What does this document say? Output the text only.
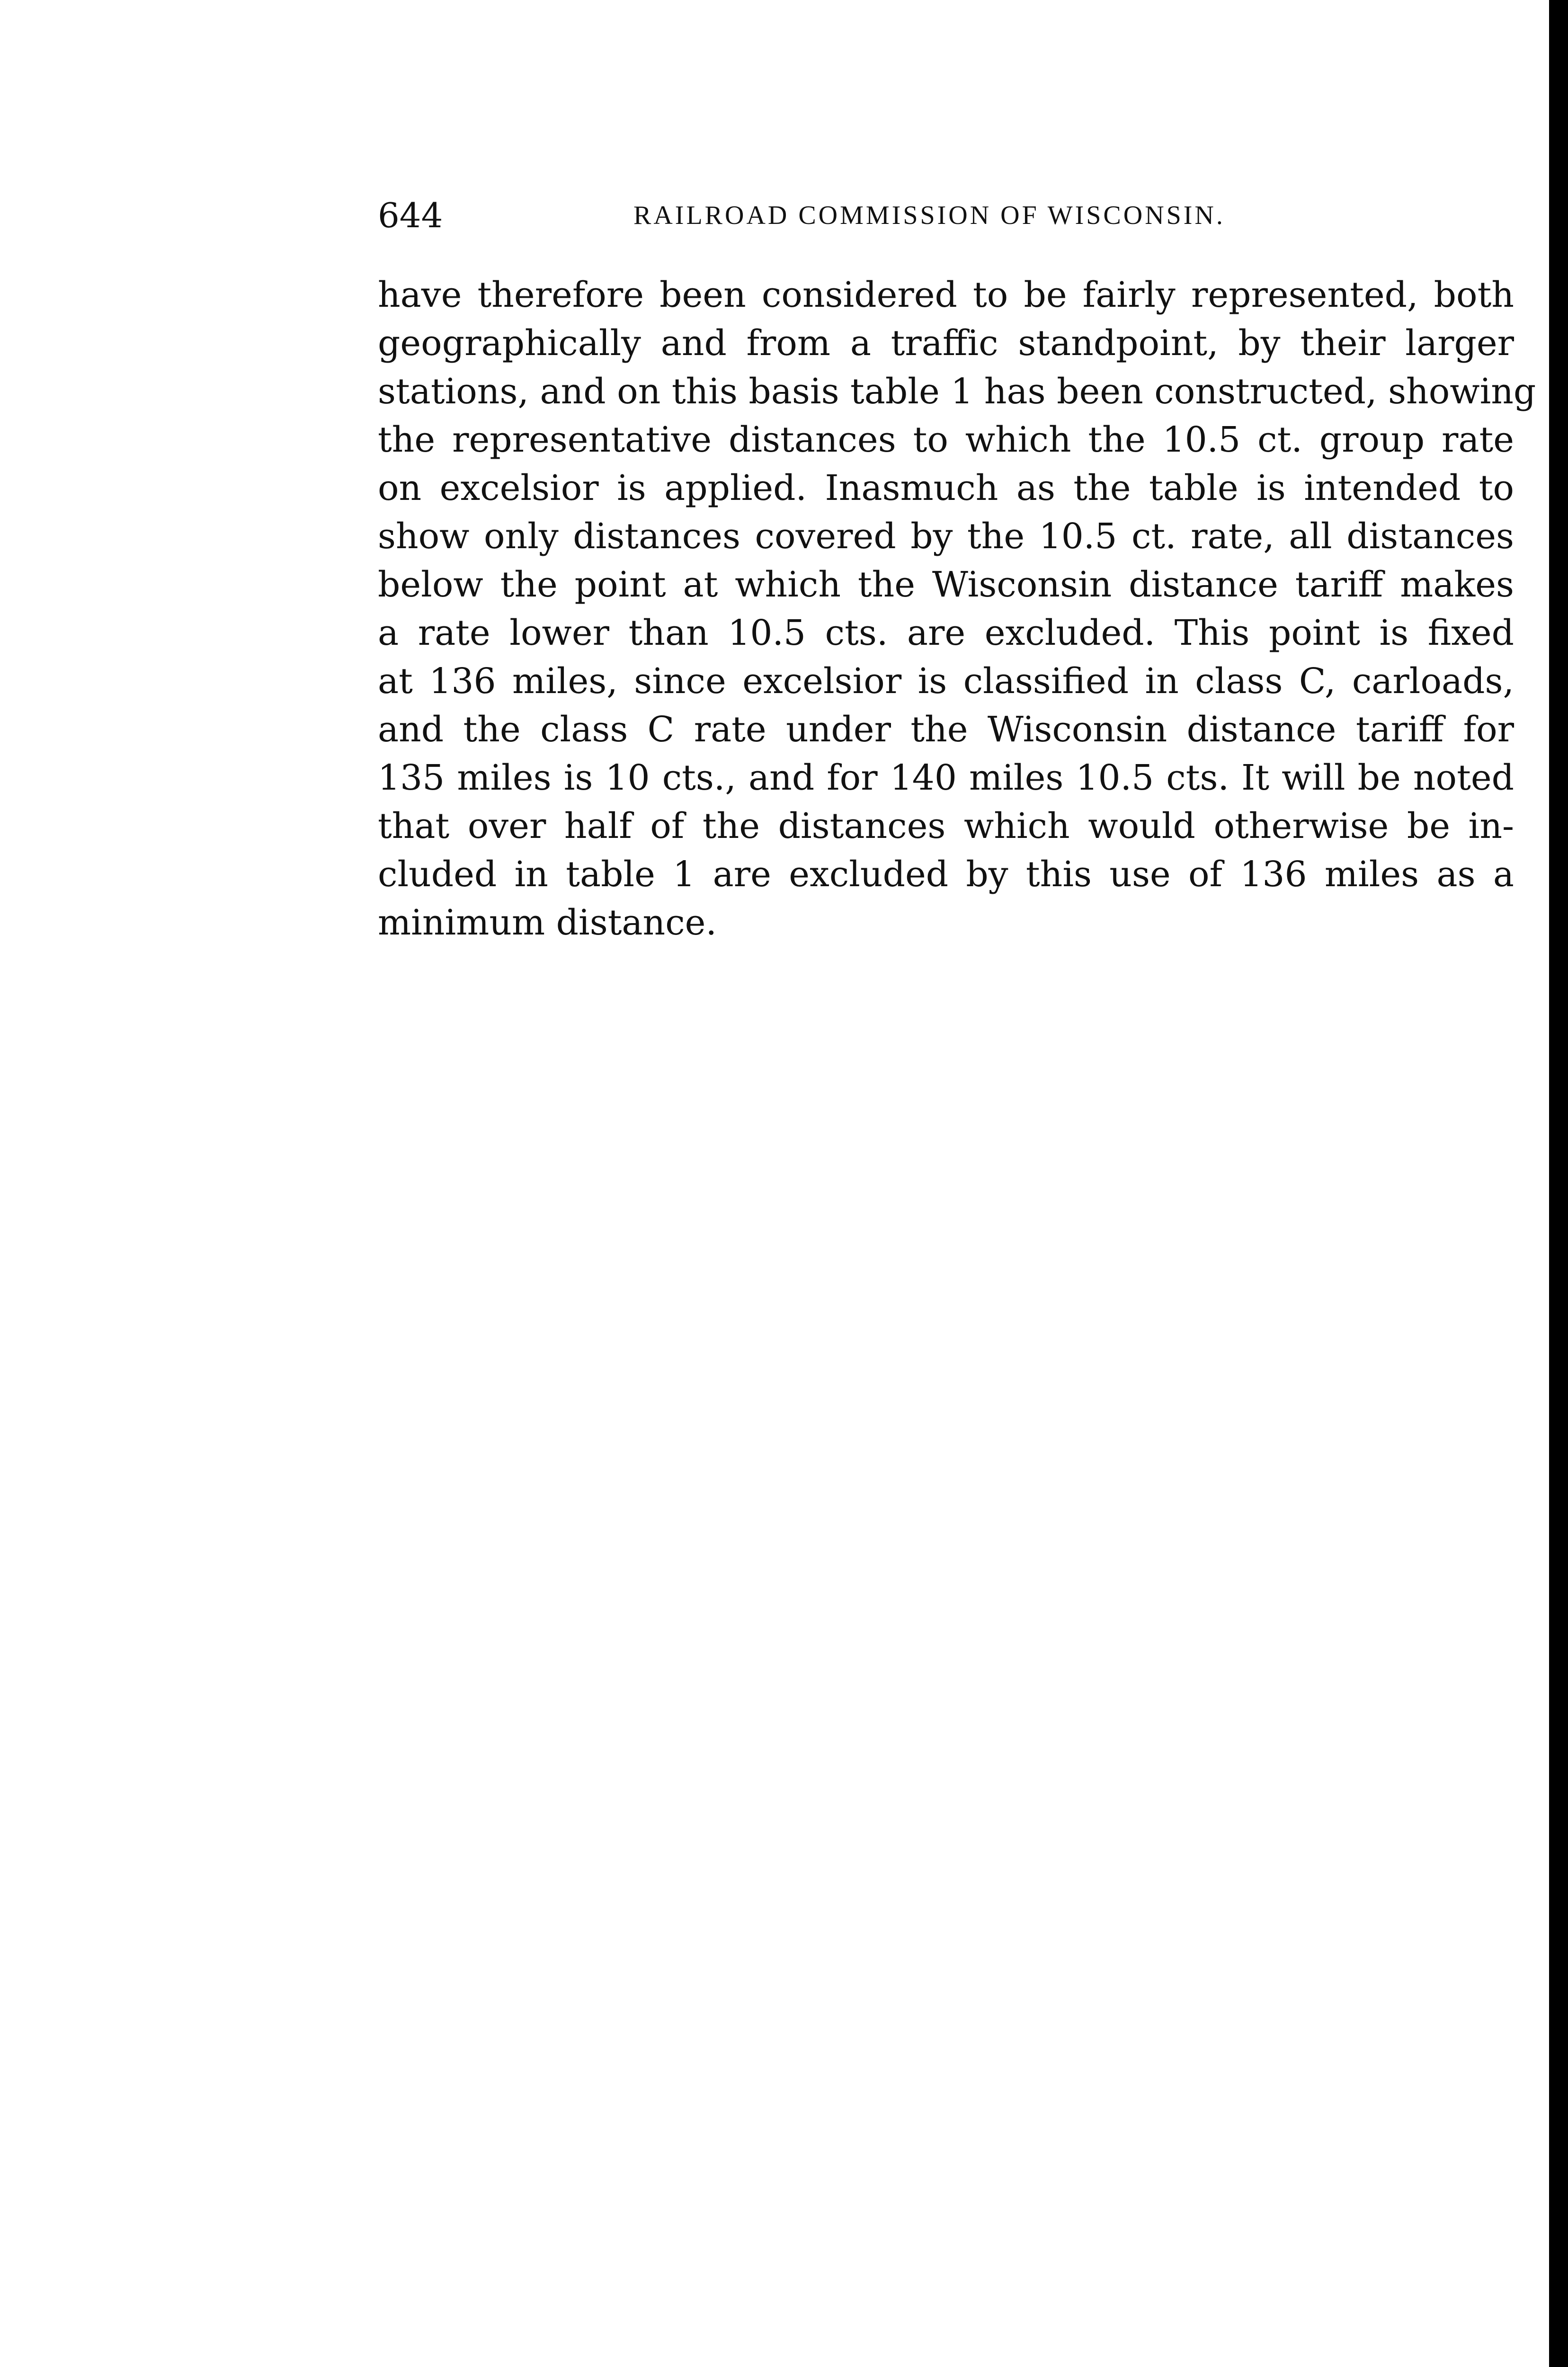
644	RAILROAD COMMISSION OF WISCONSIN.

have therefore been considered to be fairly represented, both
geographically and from a traffic standpoint, by their larger
stations, and on this basis table 1 has been constructed, showing
the representative distances to which the 10.5 ct. group rate
on excelsior is applied. Inasmuch as the table is intended to
show only distances covered by the 10.5 ct. rate, all distances
below the point at which the Wisconsin distance tariff makes
a rate lower than 10.5 cts. are excluded. This point is fixed
at 136 miles, since excelsior is classified in class C, carloads,
and the class C rate under the Wisconsin distance tariff for
135 miles is 10 cts., and for 140 miles 10.5 cts. It will be noted
that over half of the distances which would otherwise be in-
cluded in table 1 are excluded by this use of 136 miles as a
minimum distance.
